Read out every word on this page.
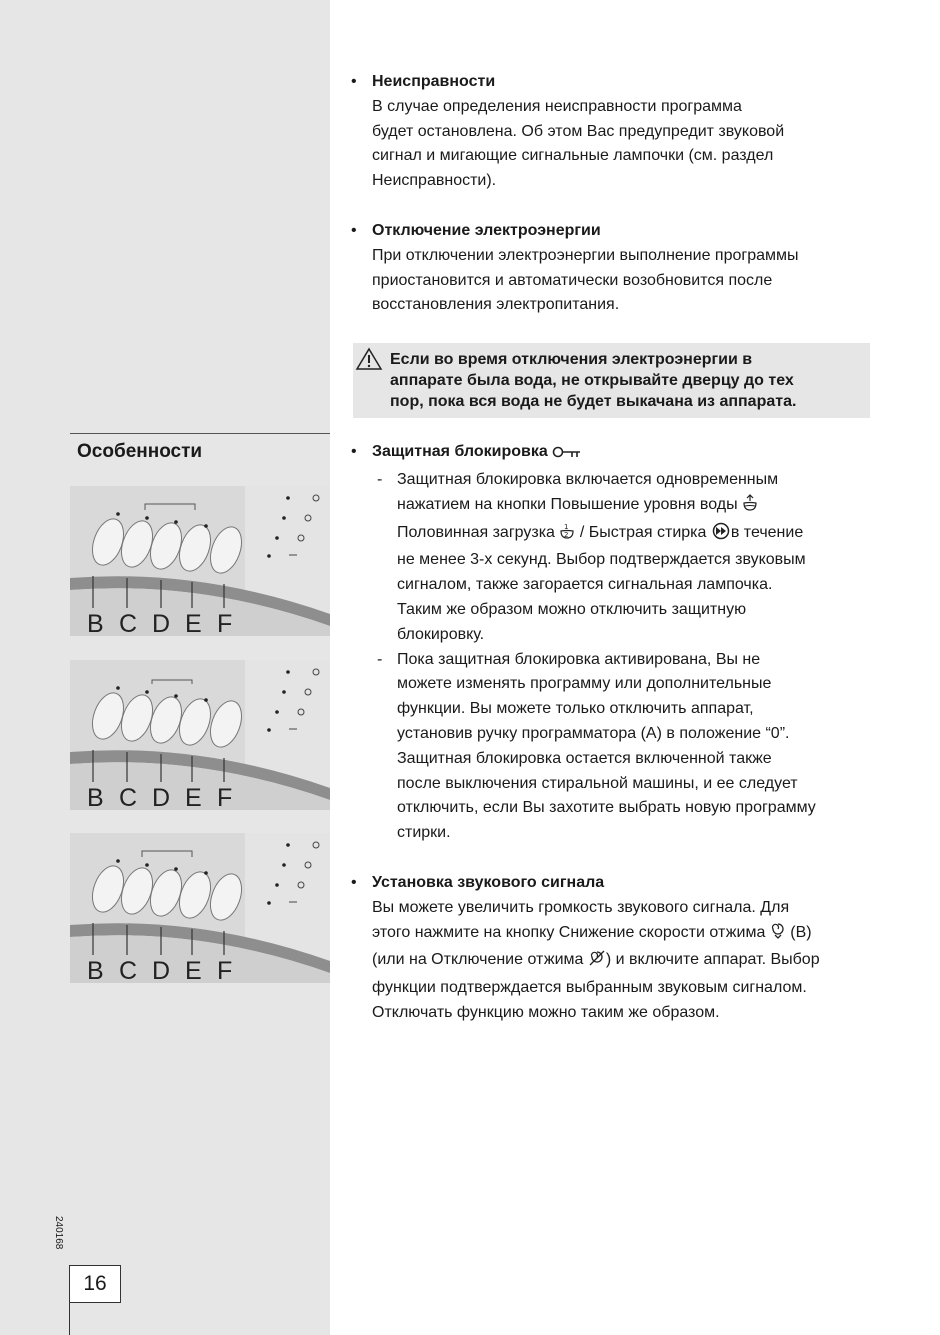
Особенности
B C D E F
B C D E F
B C D E F
240168
16
• Неисправности
В случае определения неисправности программа
будет остановлена. Об этом Вас предупредит звуковой
сигнал и мигающие сигнальные лампочки (см. раздел
Неисправности).
• Отключение электроэнергии
При отключении электроэнергии выполнение программы
приостановится и автоматически возобновится после
восстановления электропитания.
Если во время отключения электроэнергии в
аппарате была вода, не открывайте дверцу до тех
пор, пока вся вода не будет выкачана из аппарата.
• Защитная блокировка
- Защитная блокировка включается одновременным
нажатием на кнопки Повышение уровня воды
Половинная загрузка 1
2 / Быстрая стирка в течение
не менее 3-х секунд. Выбор подтверждается звуковым
сигналом, также загорается сигнальная лампочка.
Таким же образом можно отключить защитную
блокировку.
- Пока защитная блокировка активирована, Вы не
можете изменять программу или дополнительные
функции. Вы можете только отключить аппарат,
установив ручку программатора (А) в положение “0”.
Защитная блокировка остается включенной также
после выключения стиральной машины, и ее следует
отключить, если Вы захотите выбрать новую программу
стирки.
• Установка звукового сигнала
Вы можете увеличить громкость звукового сигнала. Для
этого нажмите на кнопку Снижение скорости отжима (B)
(или на Отключение отжима ) и включите аппарат. Выбор
функции подтверждается выбранным звуковым сигналом.
Отключать функцию можно таким же образом.
